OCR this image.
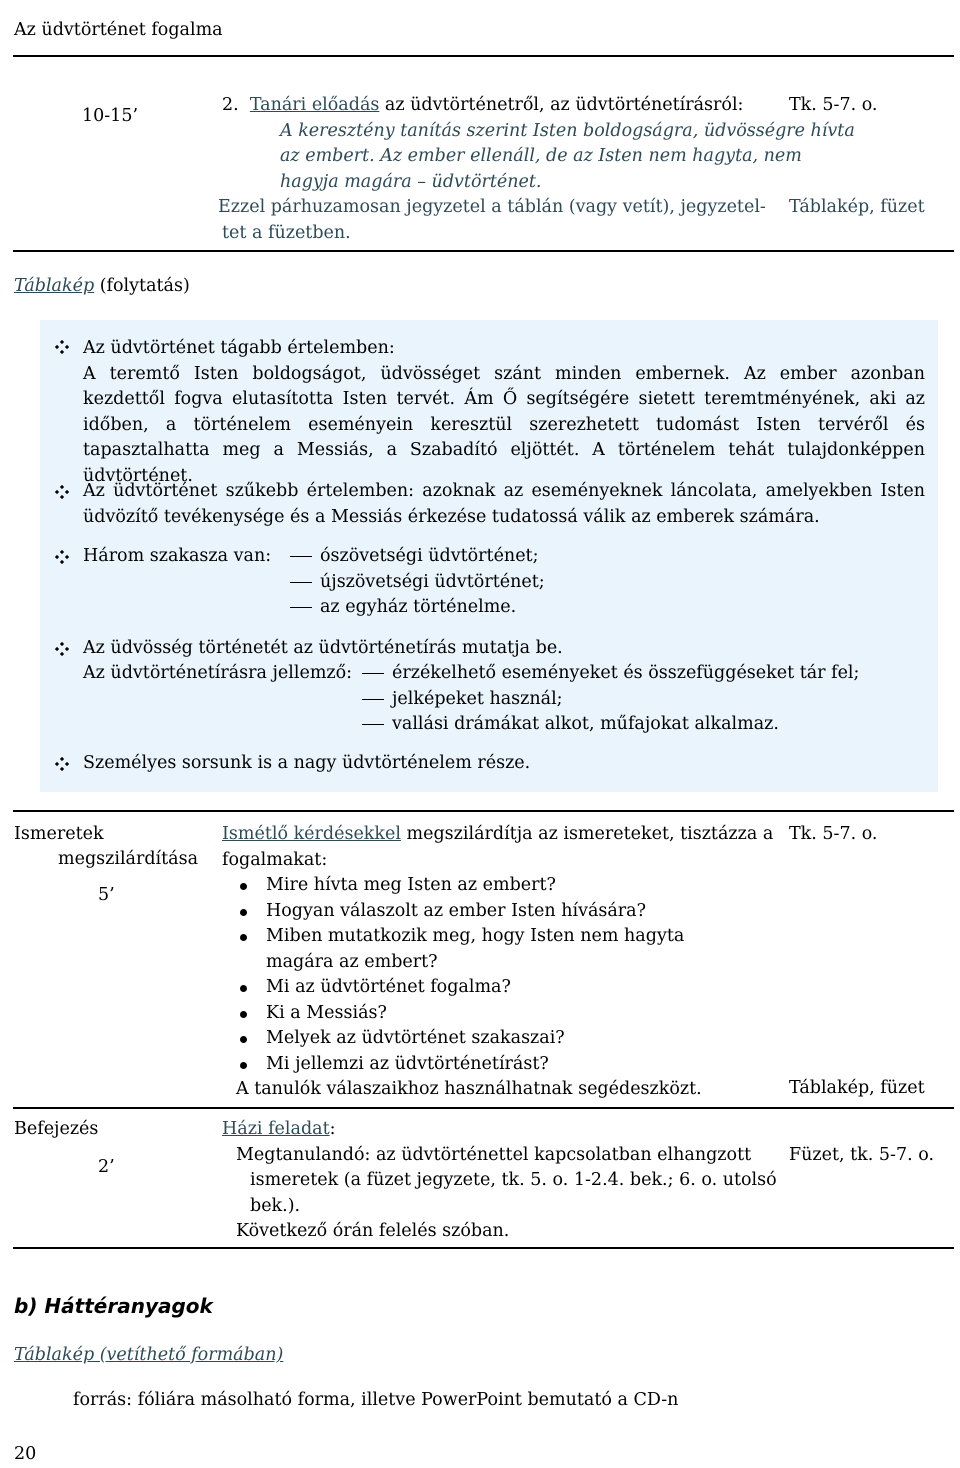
Az üdvtörténet fogalma
10-15’
2. Tanári előadás az üdvtörténetről, az üdvtörténetírásról:
A keresztény tanítás szerint Isten boldogságra, üdvösségre hívta
az embert. Az ember ellenáll, de az Isten nem hagyta, nem
hagyja magára – üdvtörténet.
Ezzel párhuzamosan jegyzetel a táblán (vagy vetít), jegyzetel-
tet a füzetben.
Tk. 5-7. o.
Táblakép, füzet
Táblakép (folytatás)
Az üdvtörténet tágabb értelemben:
A teremtő Isten boldogságot, üdvösséget szánt minden embernek. Az ember azonban kezdettől fogva elutasította Isten tervét. Ám Ő segítségére sietett teremtményének, aki az időben, a történelem eseményein keresztül szerezhetett tudomást Isten tervéről és tapasztalhatta meg a Messiás, a Szabadító eljöttét. A történelem tehát tulajdonképpen üdvtörténet.
Az üdvtörténet szűkebb értelemben: azoknak az eseményeknek láncolata, amelyekben Isten üdvözítő tevékenysége és a Messiás érkezése tudatossá válik az emberek számára.
Három szakasza van:	ószövetségi üdvtörténet;
újszövetségi üdvtörténet;
az egyház történelme.
Az üdvösség történetét az üdvtörténetírás mutatja be.
Az üdvtörténetírásra jellemző:	érzékelhető eseményeket és összefüggéseket tár fel;
jelképeket használ;
vallási drámákat alkot, műfajokat alkalmaz.
Személyes sorsunk is a nagy üdvtörténelem része.
Ismeretek
megszilárdítása
5’
Ismétlő kérdésekkel megszilárdítja az ismereteket, tisztázza a
fogalmakat:
Mire hívta meg Isten az embert?
Hogyan válaszolt az ember Isten hívására?
Miben mutatkozik meg, hogy Isten nem hagyta magára az embert?
Mi az üdvtörténet fogalma?
Ki a Messiás?
Melyek az üdvtörténet szakaszai?
Mi jellemzi az üdvtörténetírást?
A tanulók válaszaikhoz használhatnak segédeszközt.
Tk. 5-7. o.
Táblakép, füzet
Befejezés
2’
Házi feladat:
Megtanulandó: az üdvtörténettel kapcsolatban elhangzott
ismeretek (a füzet jegyzete, tk. 5. o. 1-2.4. bek.; 6. o. utolsó
bek.).
Következő órán felelés szóban.
Füzet, tk. 5-7. o.
b) Háttéranyagok
Táblakép (vetíthető formában)
forrás: fóliára másolható forma, illetve PowerPoint bemutató a CD-n
20
